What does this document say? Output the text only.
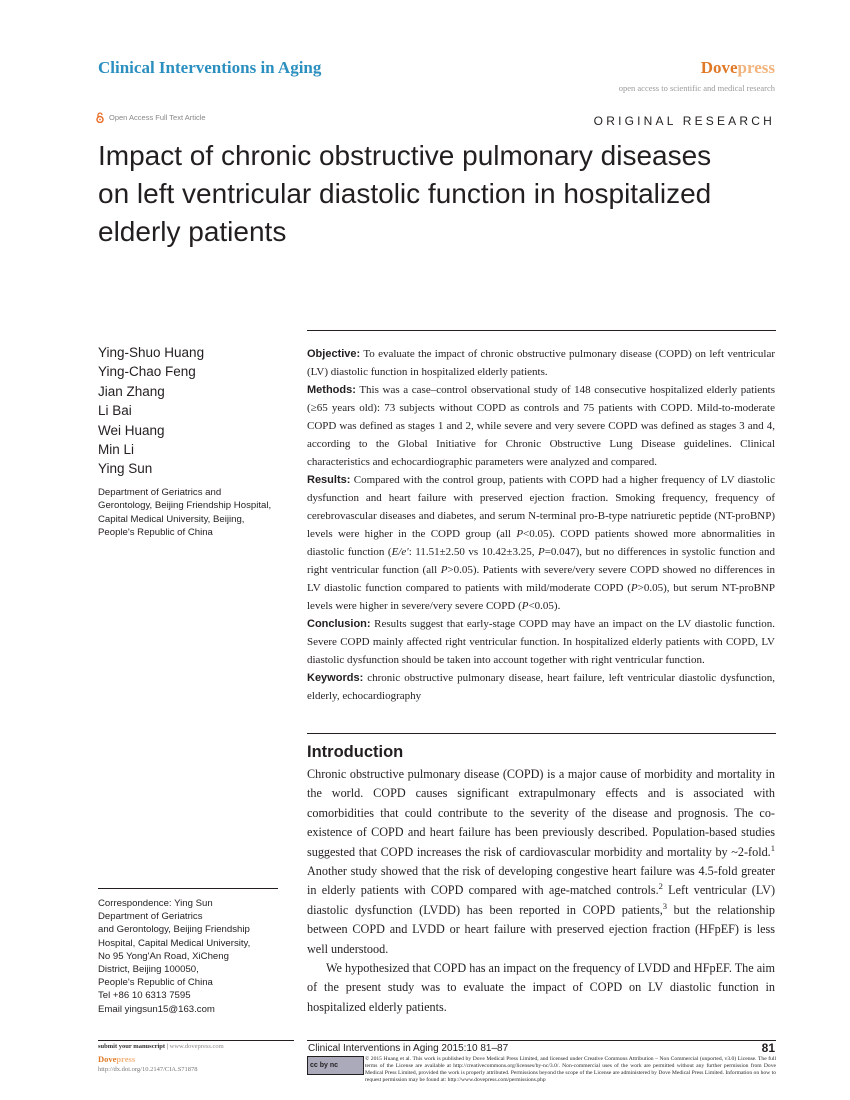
Clinical Interventions in Aging	Dovepress
open access to scientific and medical research
Open Access Full Text Article	ORIGINAL RESEARCH
Impact of chronic obstructive pulmonary diseases on left ventricular diastolic function in hospitalized elderly patients
Ying-Shuo Huang
Ying-Chao Feng
Jian Zhang
Li Bai
Wei Huang
Min Li
Ying Sun
Department of Geriatrics and Gerontology, Beijing Friendship Hospital, Capital Medical University, Beijing, People's Republic of China

Objective: To evaluate the impact of chronic obstructive pulmonary disease (COPD) on left ventricular (LV) diastolic function in hospitalized elderly patients.

Methods: This was a case–control observational study of 148 consecutive hospitalized elderly patients (≥65 years old): 73 subjects without COPD as controls and 75 patients with COPD. Mild-to-moderate COPD was defined as stages 1 and 2, while severe and very severe COPD was defined as stages 3 and 4, according to the Global Initiative for Chronic Obstructive Lung Disease guidelines. Clinical characteristics and echocardiographic parameters were analyzed and compared.

Results: Compared with the control group, patients with COPD had a higher frequency of LV diastolic dysfunction and heart failure with preserved ejection fraction. Smoking frequency, frequency of cerebrovascular diseases and diabetes, and serum N-terminal pro-B-type natriuretic peptide (NT-proBNP) levels were higher in the COPD group (all P<0.05). COPD patients showed more abnormalities in diastolic function (E/e′: 11.51±2.50 vs 10.42±3.25, P=0.047), but no differences in systolic function and right ventricular function (all P>0.05). Patients with severe/very severe COPD showed no differences in LV diastolic function compared to patients with mild/moderate COPD (P>0.05), but serum NT-proBNP levels were higher in severe/very severe COPD (P<0.05).

Conclusion: Results suggest that early-stage COPD may have an impact on the LV diastolic function. Severe COPD mainly affected right ventricular function. In hospitalized elderly patients with COPD, LV diastolic dysfunction should be taken into account together with right ventricular function.

Keywords: chronic obstructive pulmonary disease, heart failure, left ventricular diastolic dysfunction, elderly, echocardiography

Introduction

Chronic obstructive pulmonary disease (COPD) is a major cause of morbidity and mortality in the world. COPD causes significant extrapulmonary effects and is associated with comorbidities that could contribute to the severity of the disease and prognosis. The co-existence of COPD and heart failure has been previously described. Population-based studies suggested that COPD increases the risk of cardiovascular morbidity and mortality by ~2-fold.$^1$ Another study showed that the risk of developing congestive heart failure was 4.5-fold greater in elderly patients with COPD compared with age-matched controls.$^2$ Left ventricular (LV) diastolic dysfunction (LVDD) has been reported in COPD patients,$^3$ but the relationship between COPD and LVDD or heart failure with preserved ejection fraction (HFpEF) is less well understood.

We hypothesized that COPD has an impact on the frequency of LVDD and HFpEF. The aim of the present study was to evaluate the impact of COPD on LV diastolic function in hospitalized elderly patients.

Correspondence: Ying Sun
Department of Geriatrics
and Gerontology, Beijing Friendship
Hospital, Capital Medical University,
No 95 Yong'An Road, XiCheng
District, Beijing 100050,
People's Republic of China
Tel +86 10 6313 7595
Email yingsun15@163.com
submit your manuscript | www.dovepress.com
Dovepress
http://dx.doi.org/10.2147/CIA.S71878
Clinical Interventions in Aging 2015:10 81–87	81
cc by nc
© 2015 Huang et al. This work is published by Dove Medical Press Limited, and licensed under Creative Commons Attribution – Non Commercial (unported, v3.0) License. The full terms of the License are available at http://creativecommons.org/licenses/by-nc/3.0/. Non-commercial uses of the work are permitted without any further permission from Dove Medical Press Limited, provided the work is properly attributed. Permissions beyond the scope of the License are administered by Dove Medical Press Limited. Information on how to request permission may be found at: http://www.dovepress.com/permissions.php
